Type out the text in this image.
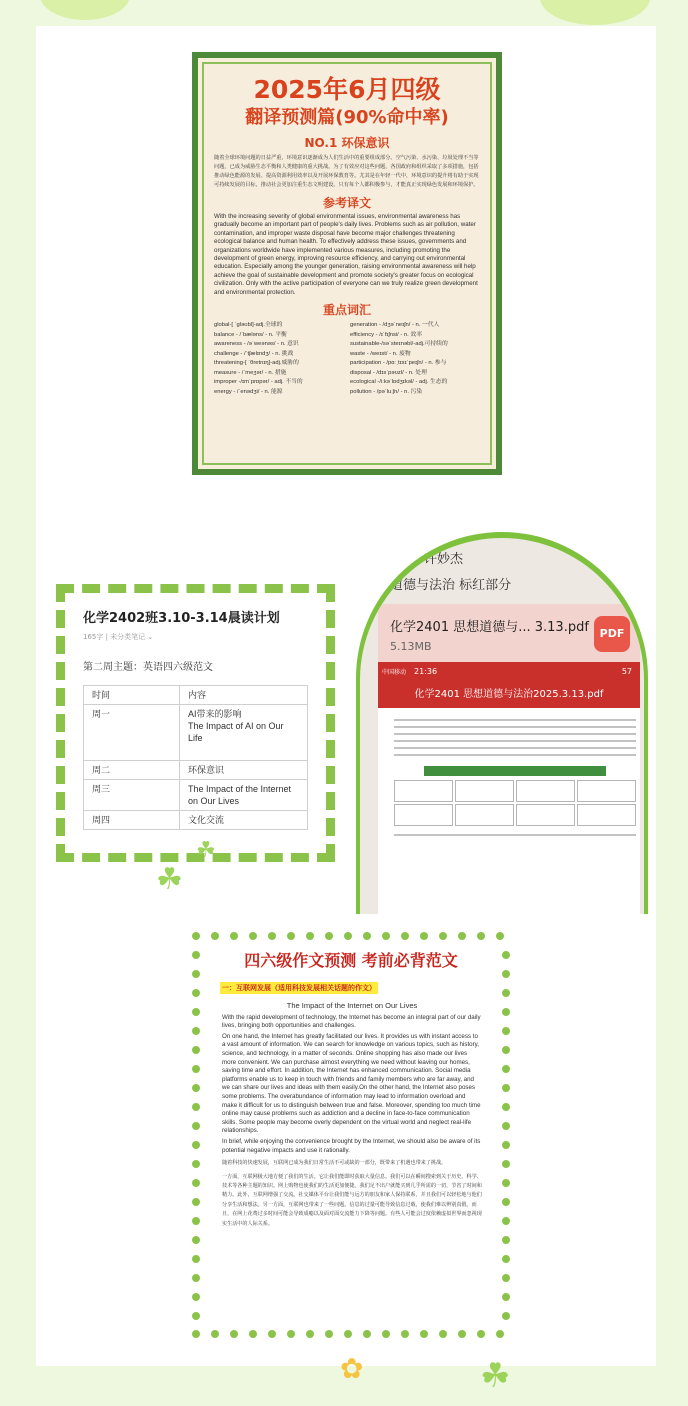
2025年6月四级
翻译预测篇(90%命中率)
NO.1 环保意识
随着全球环境问题的日益严重，环境意识逐渐成为人们生活中的重要组成部分。空气污染、水污染、垃圾处理不当等问题，已成为威胁生态平衡和人类健康的重大挑战。为了有效应对这些问题，各国政府和组织采取了多项措施，包括推动绿色能源的发展、提高资源利用效率以及开展环保教育等。尤其是在年轻一代中，环境意识的提升将有助于实现可持续发展的目标，推动社会更加注重生态文明建设。只有每个人都积极参与，才能真正实现绿色发展和环境保护。
参考译文
With the increasing severity of global environmental issues, environmental awareness has gradually become an important part of people's daily lives. Problems such as air pollution, water contamination, and improper waste disposal have become major challenges threatening ecological balance and human health. To effectively address these issues, governments and organizations worldwide have implemented various measures, including promoting the development of green energy, improving resource efficiency, and carrying out environmental education. Especially among the younger generation, raising environmental awareness will help achieve the goal of sustainable development and promote society's greater focus on ecological civilization. Only with the active participation of everyone can we truly realize green development and environmental protection.
重点词汇
global-[ ˈɡləʊbl]-adj.全球的	generation - /dʒəˈneɪʃn/ - n. 一代人
balance - /ˈbæləns/ - n. 平衡	efficiency - /ɪˈfɪʃnsi/ - n. 效率
awareness - /əˈweənəs/ - n. 意识	sustainable-/səˈsteɪnəbl/-adj.可持续的
challenge - /ˈtʃælɪndʒ/ - n. 挑战	waste - /weɪst/ - n. 废物
threatening-[ ˈθretnɪŋ]-adj.威胁的	participation - /pɑːˌtɪsɪˈpeɪʃn/ - n. 参与
measure - /ˈmeʒər/ - n. 措施	disposal - /dɪsˈpəʊzl/ - n. 处理
improper -/ɪmˈprɒpər/ - adj. 不当的	ecological -/iːkəˈlɒdʒɪkəl/ - adj. 生态的
energy - /ˈenədʒi/ - n. 能源	pollution - /pəˈluːʃn/ - n. 污染
化学2402班3.10-3.14晨读计划
165字 | 未分类笔记 ⌄
第二周主题：英语四六级范文
时间	内容
周一	AI带来的影响
The Impact of AI on Our Life
周二	环保意识
周三	The Impact of the Internet on Our Lives
周四	文化交流
☘
☘
许妙杰
道德与法治 标红部分
化学2401 思想道德与... 3.13.pdf
5.13MB
PDF
中国移动 21:36	57
化学2401 思想道德与法治2025.3.13.pdf
四六级作文预测 考前必背范文
一：互联网发展（适用科技发展相关话题的作文）
The Impact of the Internet on Our Lives

With the rapid development of technology, the Internet has become an integral part of our daily lives, bringing both opportunities and challenges.

On one hand, the Internet has greatly facilitated our lives. It provides us with instant access to a vast amount of information. We can search for knowledge on various topics, such as history, science, and technology, in a matter of seconds. Online shopping has also made our lives more convenient. We can purchase almost everything we need without leaving our homes, saving time and effort. In addition, the Internet has enhanced communication. Social media platforms enable us to keep in touch with friends and family members who are far away, and we can share our lives and ideas with them easily.On the other hand, the Internet also poses some problems. The overabundance of information may lead to information overload and make it difficult for us to distinguish between true and false. Moreover, spending too much time online may cause problems such as addiction and a decline in face-to-face communication skills. Some people may become overly dependent on the virtual world and neglect real-life relationships.

In brief, while enjoying the convenience brought by the Internet, we should also be aware of its potential negative impacts and use it rationally.

随着科技的快速发展，互联网已成为我们日常生活不可或缺的一部分，既带来了机遇也带来了挑战。
一方面，互联网极大地方便了我们的生活。它让我们能即时获取大量信息。我们可以在瞬间搜索到关于历史、科学、技术等各种主题的知识。网上购物也使我们的生活更加便捷。我们足不出户就能买到几乎所需的一切，节省了时间和精力。此外，互联网增强了交流。社交媒体平台让我们能与远方的朋友和家人保持联系，并且我们可以轻松地与他们分享生活和想法。另一方面，互联网也带来了一些问题。信息的过量可能导致信息过载，使我们难以辨别真假。而且，在网上花费过多时间可能会导致成瘾以及面对面交流能力下降等问题。有些人可能会过度依赖虚拟世界而忽视现实生活中的人际关系。
✿	☘
